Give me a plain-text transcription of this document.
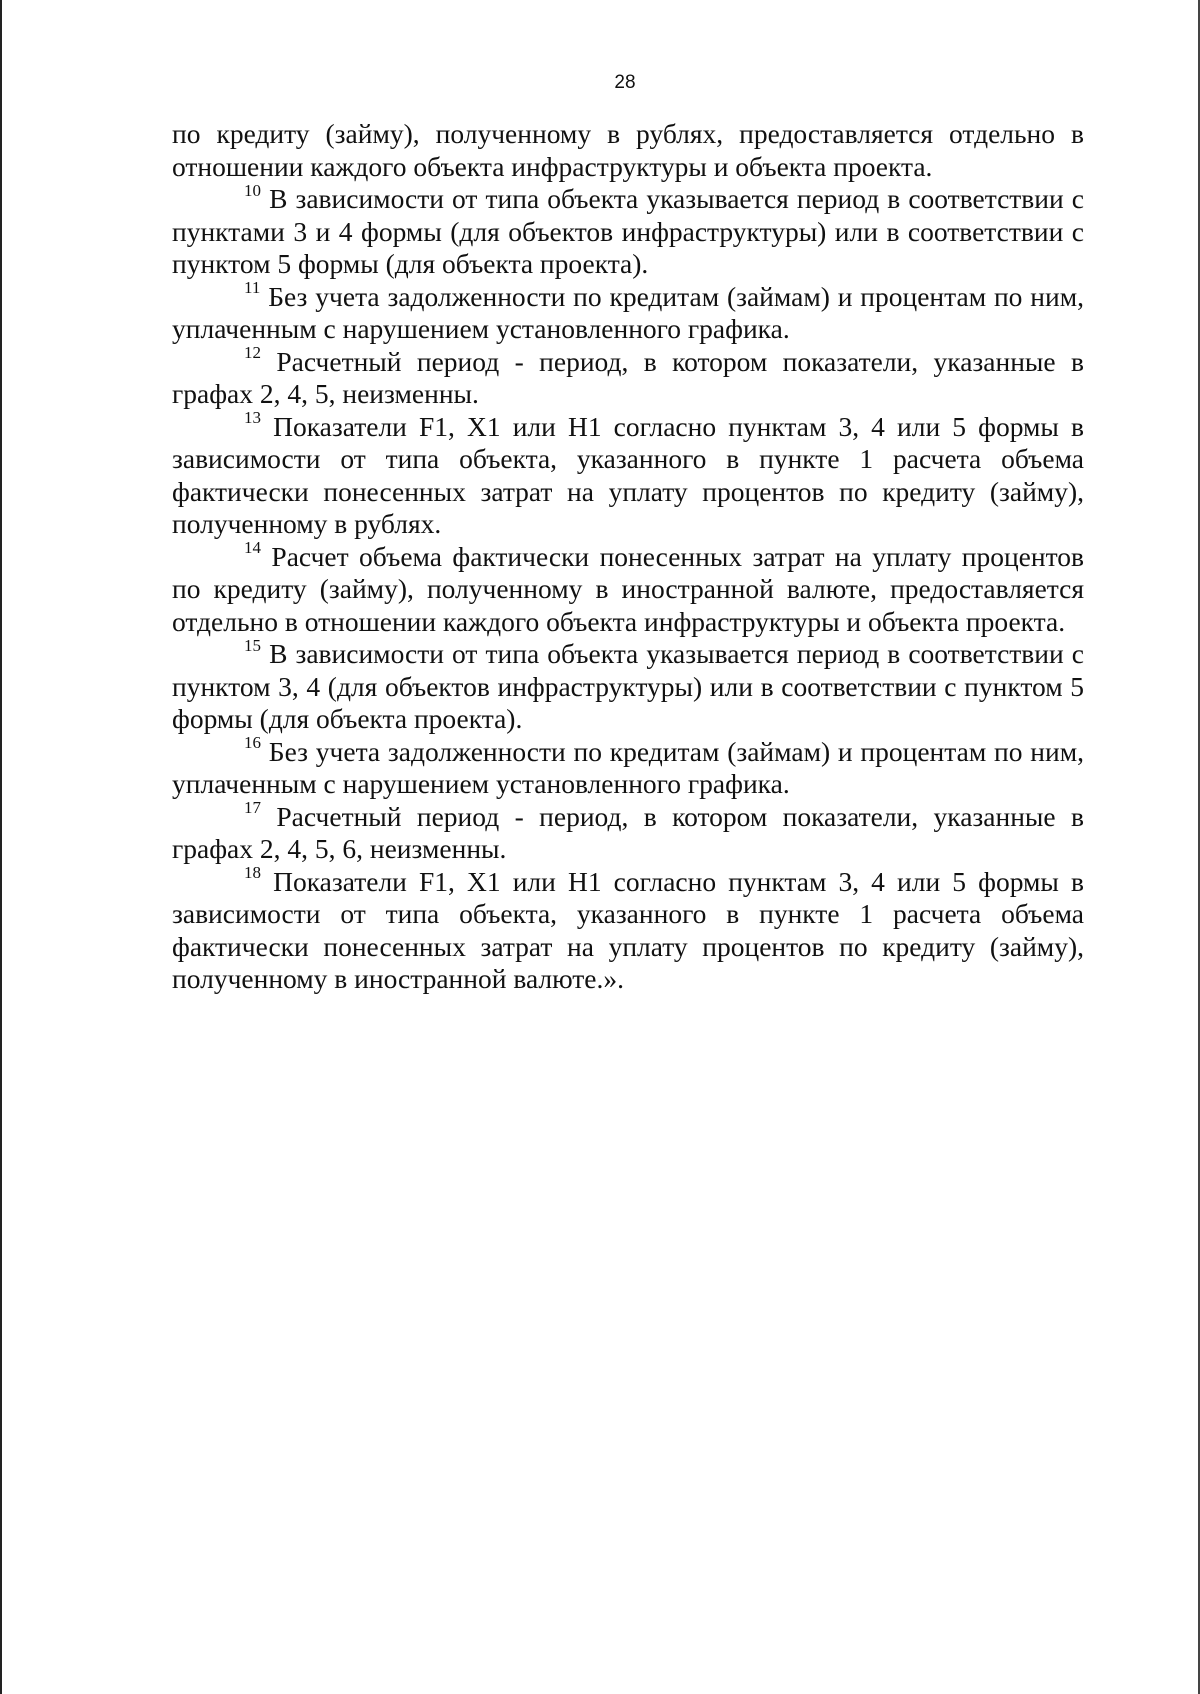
28

по кредиту (займу), полученному в рублях, предоставляется отдельно в отношении каждого объекта инфраструктуры и объекта проекта.

$^{10}$ В зависимости от типа объекта указывается период в соответствии с пунктами 3 и 4 формы (для объектов инфраструктуры) или в соответствии с пунктом 5 формы (для объекта проекта).

$^{11}$ Без учета задолженности по кредитам (займам) и процентам по ним, уплаченным с нарушением установленного графика.

$^{12}$ Расчетный период - период, в котором показатели, указанные в графах 2, 4, 5, неизменны.

$^{13}$ Показатели F1, X1 или H1 согласно пунктам 3, 4 или 5 формы в зависимости от типа объекта, указанного в пункте 1 расчета объема фактически понесенных затрат на уплату процентов по кредиту (займу), полученному в рублях.

$^{14}$ Расчет объема фактически понесенных затрат на уплату процентов по кредиту (займу), полученному в иностранной валюте, предоставляется отдельно в отношении каждого объекта инфраструктуры и объекта проекта.

$^{15}$ В зависимости от типа объекта указывается период в соответствии с пунктом 3, 4 (для объектов инфраструктуры) или в соответствии с пунктом 5 формы (для объекта проекта).

$^{16}$ Без учета задолженности по кредитам (займам) и процентам по ним, уплаченным с нарушением установленного графика.

$^{17}$ Расчетный период - период, в котором показатели, указанные в графах 2, 4, 5, 6, неизменны.

$^{18}$ Показатели F1, X1 или H1 согласно пунктам 3, 4 или 5 формы в зависимости от типа объекта, указанного в пункте 1 расчета объема фактически понесенных затрат на уплату процентов по кредиту (займу), полученному в иностранной валюте.».
